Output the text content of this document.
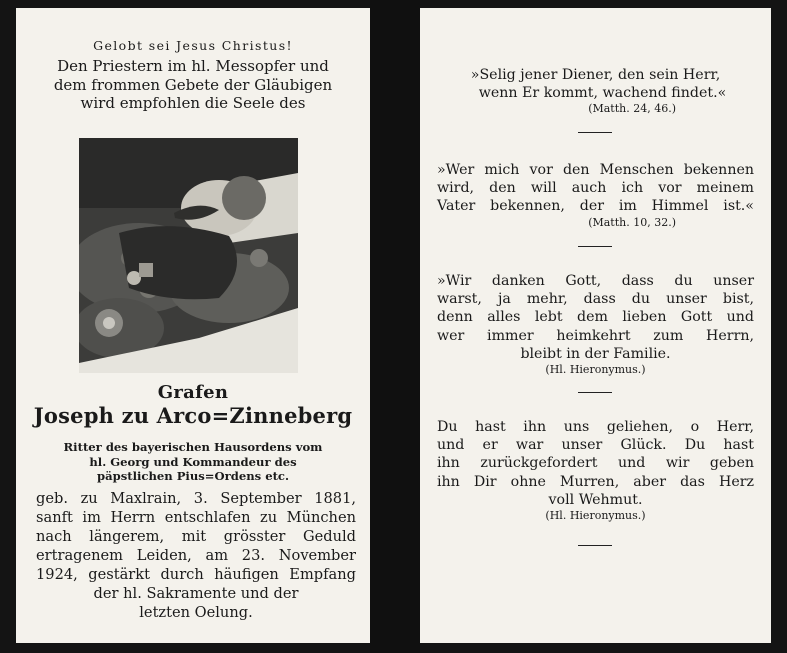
Gelobt sei Jesus Christus!
Den Priestern im hl. Messopfer und
dem frommen Gebete der Gläubigen
wird empfohlen die Seele des
Grafen
Joseph zu Arco=Zinneberg
Ritter des bayerischen Hausordens vom
hl. Georg und Kommandeur des
päpstlichen Pius=Ordens etc.
geb. zu Maxlrain, 3. September 1881,
sanft im Herrn entschlafen zu München
nach längerem, mit grösster Geduld
ertragenem Leiden, am 23. November
1924, gestärkt durch häufigen Empfang
der hl. Sakramente und der
letzten Oelung.
»Selig jener Diener, den sein Herr,
wenn Er kommt, wachend findet.«
(Matth. 24, 46.)
»Wer mich vor den Menschen bekennen
wird, den will auch ich vor meinem
Vater bekennen, der im Himmel ist.«
(Matth. 10, 32.)
»Wir danken Gott, dass du unser
warst, ja mehr, dass du unser bist,
denn alles lebt dem lieben Gott und
wer immer heimkehrt zum Herrn,
bleibt in der Familie.
(Hl. Hieronymus.)
Du hast ihn uns geliehen, o Herr,
und er war unser Glück. Du hast
ihn zurückgefordert und wir geben
ihn Dir ohne Murren, aber das Herz
voll Wehmut.
(Hl. Hieronymus.)
